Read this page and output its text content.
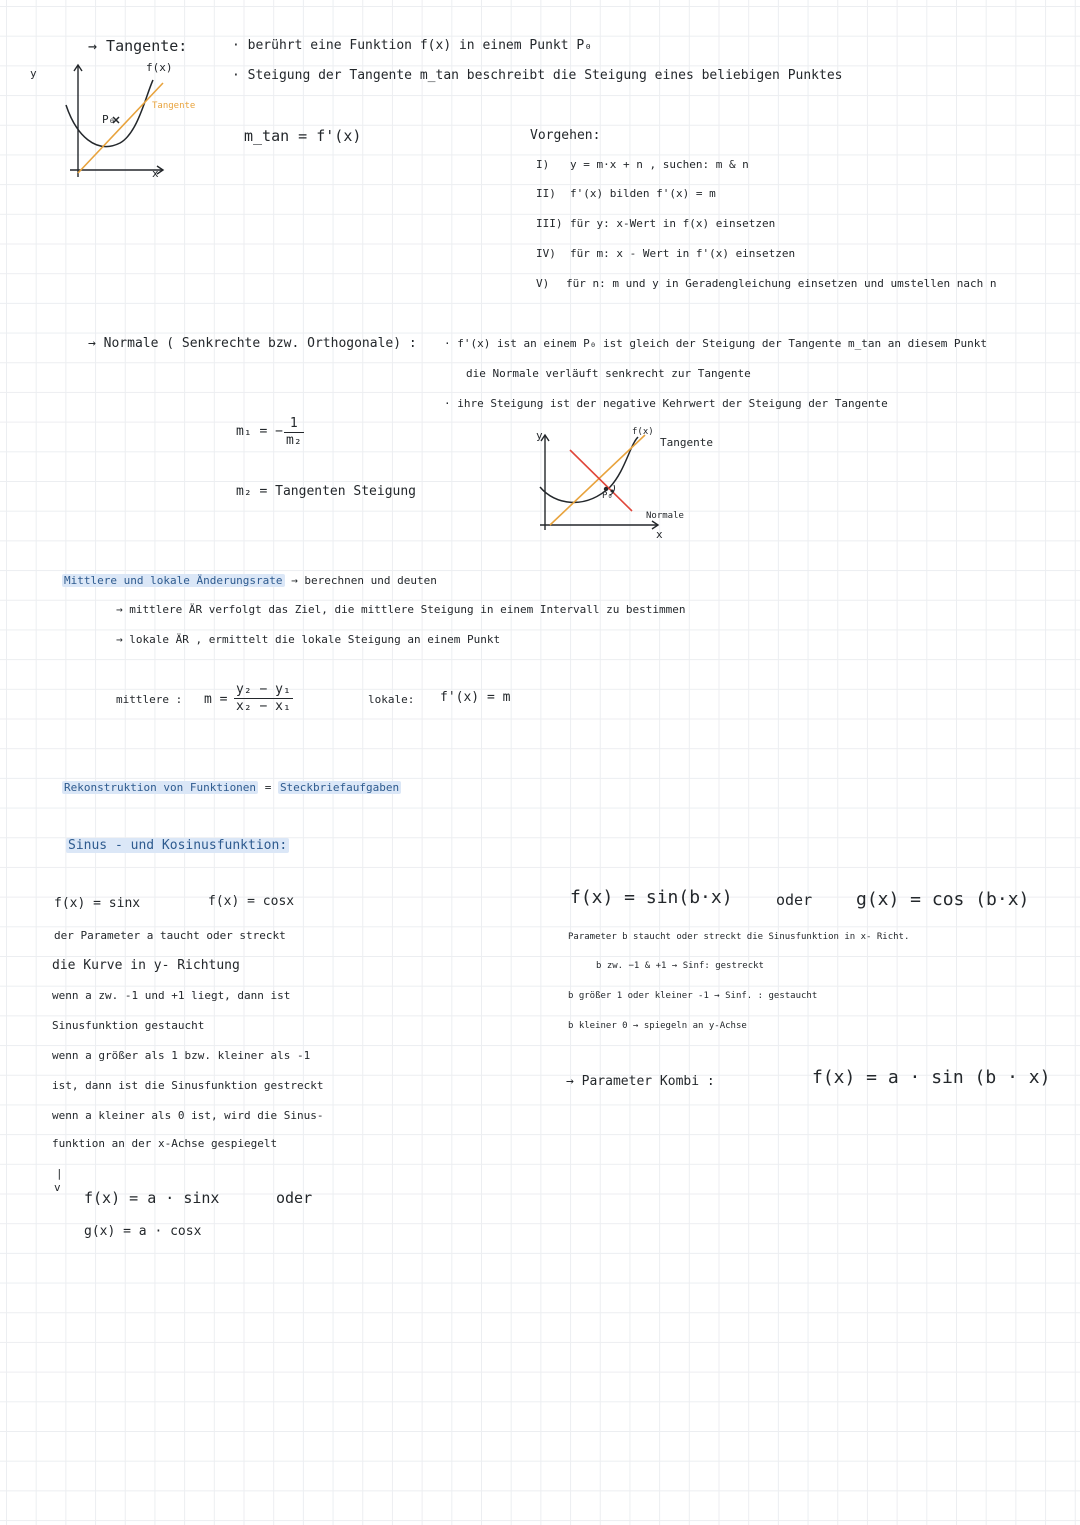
→ Tangente:	· berührt eine Funktion f(x) in einem Punkt P₀
· Steigung der Tangente m_tan beschreibt die Steigung eines beliebigen Punktes
y
x
f(x)
P₀
Tangente
m_tan = f'(x)	Vorgehen:
I) y = m·x + n , suchen: m & n
II) f'(x) bilden f'(x) = m
III) für y: x-Wert in f(x) einsetzen
IV) für m: x - Wert in f'(x) einsetzen
V) für n: m und y in Geradengleichung einsetzen und umstellen nach n
→ Normale ( Senkrechte bzw. Orthogonale) : · f'(x) ist an einem P₀ ist gleich der Steigung der Tangente m_tan an diesem Punkt
die Normale verläuft senkrecht zur Tangente
· ihre Steigung ist der negative Kehrwert der Steigung der Tangente
m₁ = − $\frac{1}{\text{m₂}}$
m₂ = Tangenten Steigung
y
x
f(x)
P₀
Tangente
Normale
Mittlere und lokale Änderungsrate → berechnen und deuten
→ mittlere ÄR verfolgt das Ziel, die mittlere Steigung in einem Intervall zu bestimmen
→ lokale ÄR , ermittelt die lokale Steigung an einem Punkt
mittlere : $m = \frac{\text{y₂ − y₁}}{\text{x₂ − x₁}}$	lokale: f'(x) = m
Rekonstruktion von Funktionen = Steckbriefaufgaben
Sinus - und Kosinusfunktion:
f(x) = sinx	f(x) = cosx
der Parameter a taucht oder streckt
die Kurve in y- Richtung
wenn a zw. -1 und +1 liegt, dann ist
Sinusfunktion gestaucht
wenn a größer als 1 bzw. kleiner als -1
ist, dann ist die Sinusfunktion gestreckt
wenn a kleiner als 0 ist, wird die Sinus-
funktion an der x-Achse gespiegelt
|
v
f(x) = a · sinx	oder
g(x) = a · cosx
f(x) = sin(b·x)	oder g(x) = cos (b·x)
Parameter b staucht oder streckt die Sinusfunktion in x- Richt.
b zw. −1 & +1 → Sinf: gestreckt
b größer 1 oder kleiner -1 → Sinf. : gestaucht
b kleiner 0 → spiegeln an y-Achse
→ Parameter Kombi :	f(x) = a · sin (b · x)
